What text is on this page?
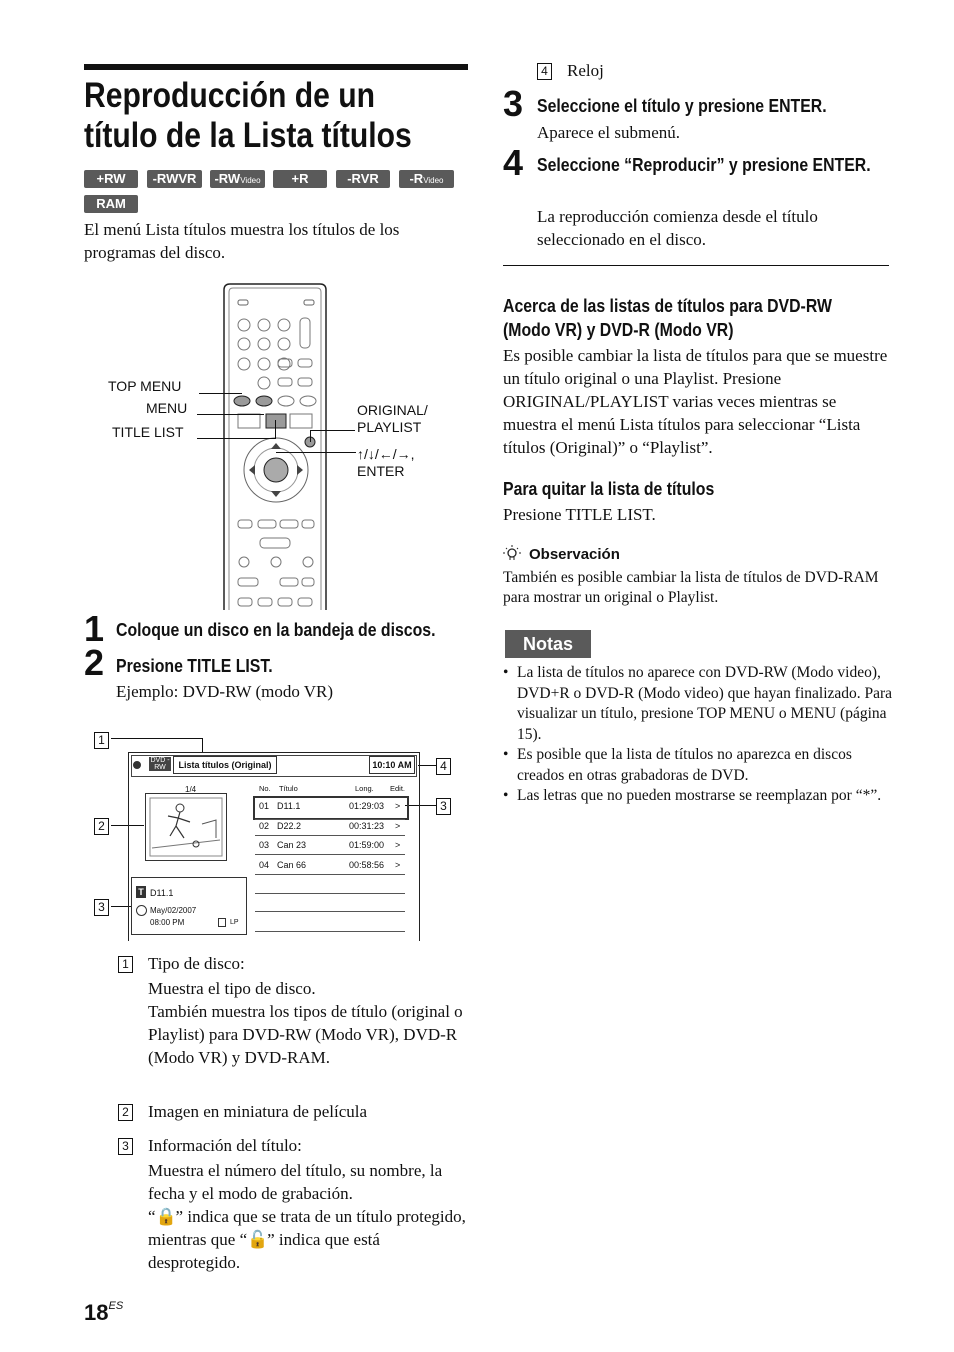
Reproducción de un título de la Lista títulos
+RW	-RWVR	-RWVideo	+R	-RVR	-RVideo
RAM
El menú Lista títulos muestra los títulos de los programas del disco.
TOP MENU
MENU
TITLE LIST
ORIGINAL/ PLAYLIST
↑/↓/←/→,
ENTER
1 Coloque un disco en la bandeja de discos.
2 Presione TITLE LIST.
Ejemplo: DVD-RW (modo VR)
1
2
3
4
3
DVD -RW	Lista títulos (Original)	10:10 AM
1/4	No. Título	Long. Edit.
01 D11.1	01:29:03 >
02 D22.2	00:31:23 >
03 Can 23	01:59:00 >
04 Can 66	00:58:56 >
T D11.1
May/02/2007
08:00 PM	LP
1 Tipo de disco:
Muestra el tipo de disco.
También muestra los tipos de título (original o Playlist) para DVD-RW (Modo VR), DVD-R (Modo VR) y DVD-RAM.
2 Imagen en miniatura de película
3 Información del título:
Muestra el número del título, su nombre, la fecha y el modo de grabación.
“🔒” indica que se trata de un título protegido, mientras que “🔓” indica que está desprotegido.
$18^{ES}$
4 Reloj
3 Seleccione el título y presione ENTER.
Aparece el submenú.
4 Seleccione “Reproducir” y presione ENTER.
La reproducción comienza desde el título seleccionado en el disco.
Acerca de las listas de títulos para DVD-RW (Modo VR) y DVD-R (Modo VR)
Es posible cambiar la lista de títulos para que se muestre un título original o una Playlist. Presione ORIGINAL/PLAYLIST varias veces mientras se muestra el menú Lista títulos para seleccionar “Lista títulos (Original)” o “Playlist”.
Para quitar la lista de títulos
Presione TITLE LIST.
Observación
También es posible cambiar la lista de títulos de DVD-RAM para mostrar un original o Playlist.
Notas
• La lista de títulos no aparece con DVD-RW (Modo video), DVD+R o DVD-R (Modo video) que hayan finalizado. Para visualizar un título, presione TOP MENU o MENU (página 15).
• Es posible que la lista de títulos no aparezca en discos creados en otras grabadoras de DVD.
• Las letras que no pueden mostrarse se reemplazan por “*”.
